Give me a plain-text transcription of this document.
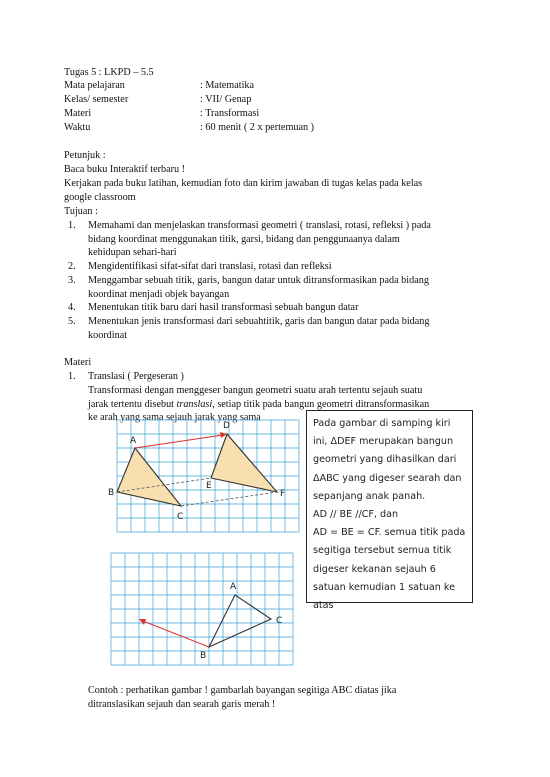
Tugas 5 : LKPD – 5.5
Mata pelajaran	: Matematika
Kelas/ semester	: VII/ Genap
Materi	: Transformasi
Waktu	: 60 menit ( 2 x pertemuan )
Petunjuk :
Baca buku Interaktif terbaru !
Kerjakan pada buku latihan, kemudian foto dan kirim jawaban di tugas kelas pada kelas
google classroom
Tujuan :
1. Memahami dan menjelaskan transformasi geometri ( translasi, rotasi, refleksi ) pada
bidang koordinat menggunakan titik, garsi, bidang dan penggunaanya dalam
kehidupan sehari-hari
2. Mengidentifikasi sifat-sifat dari translasi, rotasi dan refleksi
3. Menggambar sebuah titik, garis, bangun datar untuk ditransformasikan pada bidang
koordinat menjadi objek bayangan
4. Menentukan titik baru dari hasil transformasi sebuah bangun datar
5. Menentukan jenis transformasi dari sebuahtitik, garis dan bangun datar pada bidang
koordinat
Materi
1. Translasi ( Pergeseran )
Transformasi dengan menggeser bangun geometri suatu arah tertentu sejauh suatu
jarak tertentu disebut translasi, setiap titik pada bangun geometri ditransformasikan
ke arah yang sama sejauh jarak yang sama
A
B
C
D
E
F
A
B
C
Pada gambar di samping kiri
ini, ΔDEF merupakan bangun
geometri yang dihasilkan dari
ΔABC yang digeser searah dan
sepanjang anak panah.
AD // BE //CF, dan
AD = BE = CF. semua titik pada
segitiga tersebut semua titik
digeser kekanan sejauh 6
satuan kemudian 1 satuan ke
atas
Contoh : perhatikan gambar ! gambarlah bayangan segitiga ABC diatas jika
ditranslasikan sejauh dan searah garis merah !
